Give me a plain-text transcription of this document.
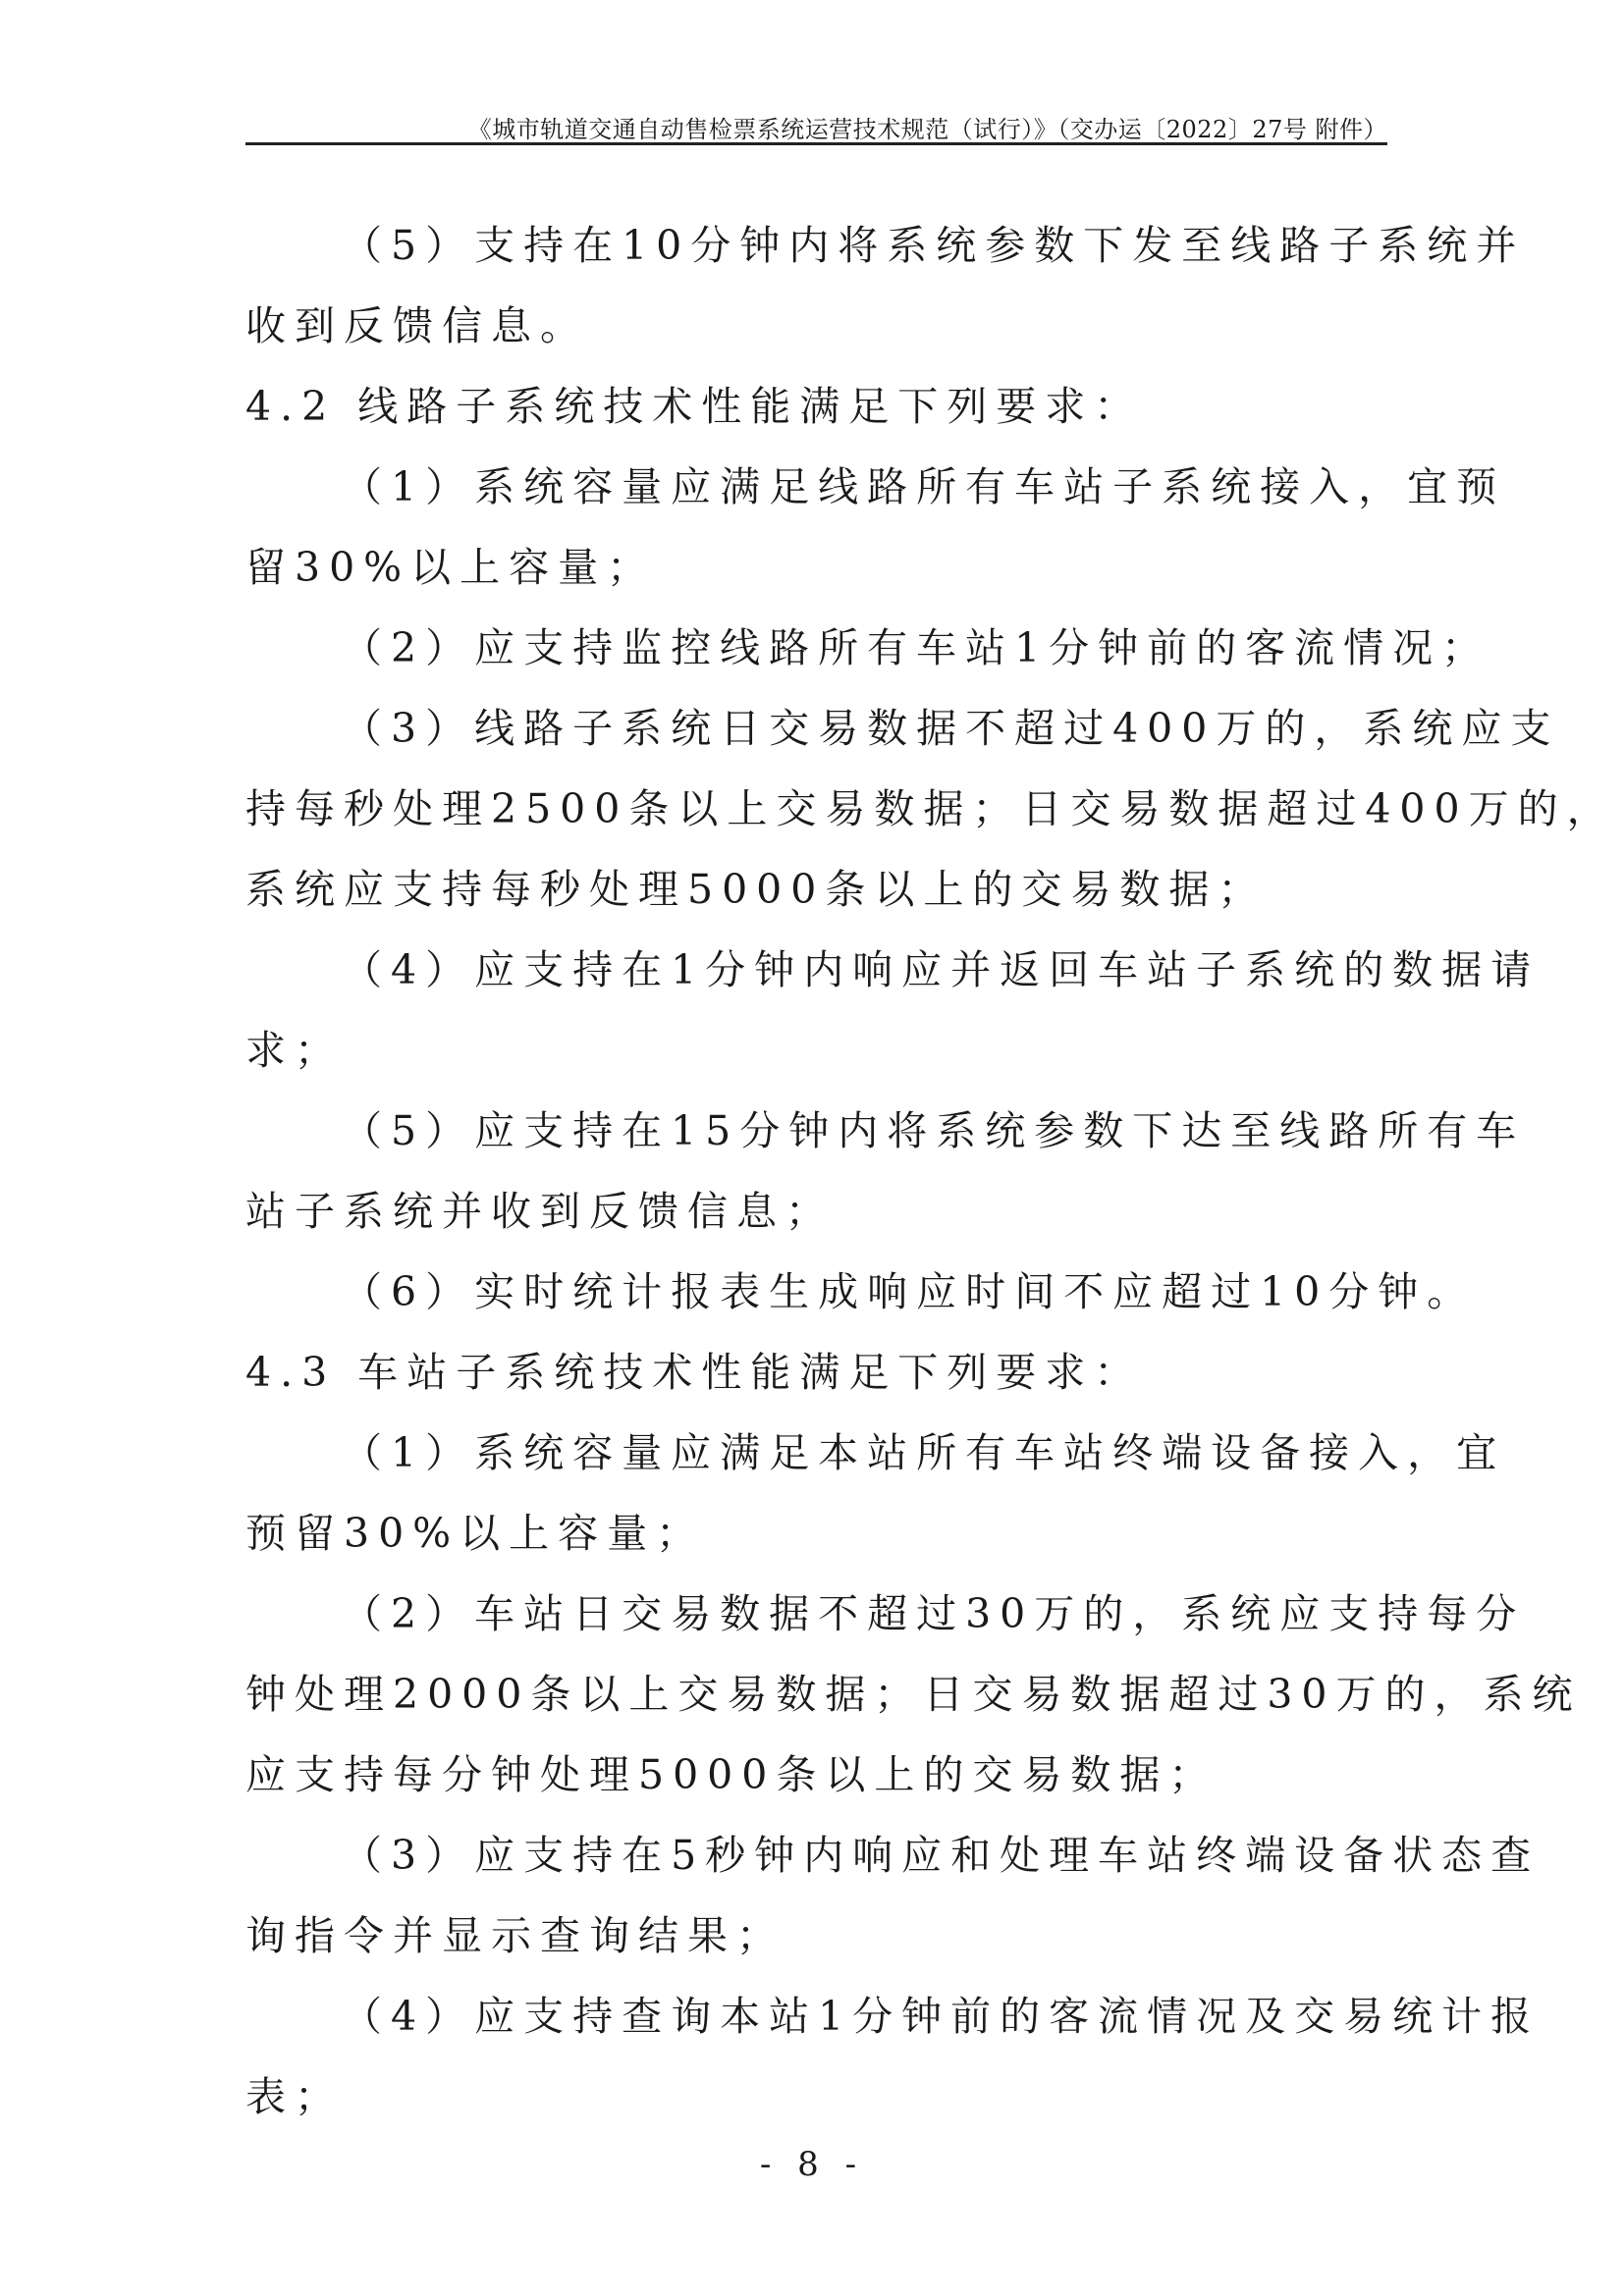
《城市轨道交通自动售检票系统运营技术规范（试行）》（交办运〔2022〕27号 附件）
（5）支持在10分钟内将系统参数下发至线路子系统并
收到反馈信息。
4.2 线路子系统技术性能满足下列要求：
（1）系统容量应满足线路所有车站子系统接入，宜预
留30%以上容量；
（2）应支持监控线路所有车站1分钟前的客流情况；
（3）线路子系统日交易数据不超过400万的，系统应支
持每秒处理2500条以上交易数据；日交易数据超过400万的，
系统应支持每秒处理5000条以上的交易数据；
（4）应支持在1分钟内响应并返回车站子系统的数据请
求；
（5）应支持在15分钟内将系统参数下达至线路所有车
站子系统并收到反馈信息；
（6）实时统计报表生成响应时间不应超过10分钟。
4.3 车站子系统技术性能满足下列要求：
（1）系统容量应满足本站所有车站终端设备接入，宜
预留30%以上容量；
（2）车站日交易数据不超过30万的，系统应支持每分
钟处理2000条以上交易数据；日交易数据超过30万的，系统
应支持每分钟处理5000条以上的交易数据；
（3）应支持在5秒钟内响应和处理车站终端设备状态查
询指令并显示查询结果；
（4）应支持查询本站1分钟前的客流情况及交易统计报
表；
- 8 -
